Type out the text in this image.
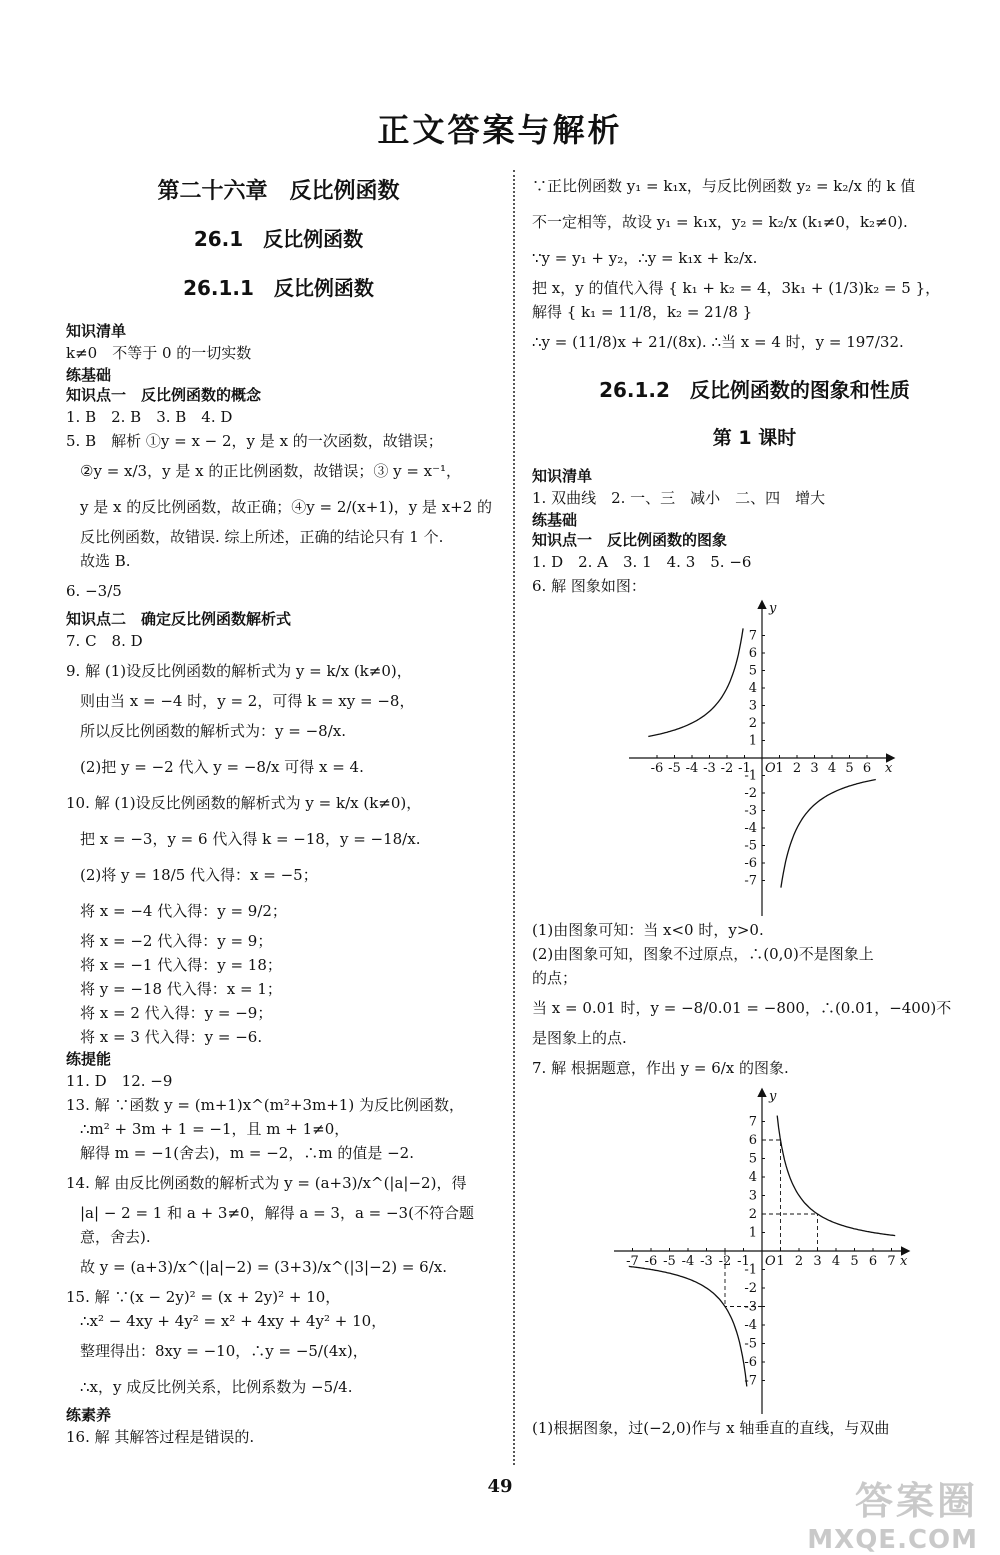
正文答案与解析
第二十六章　反比例函数
26.1　反比例函数
26.1.1　反比例函数
知识清单
k≠0　不等于 0 的一切实数
练基础
知识点一　反比例函数的概念
1. B　2. B　3. B　4. D
5. B　解析 ①y = x − 2，y 是 x 的一次函数，故错误；
②y = x/3，y 是 x 的正比例函数，故错误；③ y = x⁻¹，
y 是 x 的反比例函数，故正确；④y = 2/(x+1)，y 是 x+2 的
反比例函数，故错误. 综上所述，正确的结论只有 1 个.
故选 B.
6. −3/5
知识点二　确定反比例函数解析式
7. C　8. D
9. 解 (1)设反比例函数的解析式为 y = k/x (k≠0)，
则由当 x = −4 时，y = 2，可得 k = xy = −8，
所以反比例函数的解析式为：y = −8/x.
(2)把 y = −2 代入 y = −8/x 可得 x = 4.
10. 解 (1)设反比例函数的解析式为 y = k/x (k≠0)，
把 x = −3，y = 6 代入得 k = −18，y = −18/x.
(2)将 y = 18/5 代入得：x = −5；
将 x = −4 代入得：y = 9/2；
将 x = −2 代入得：y = 9；
将 x = −1 代入得：y = 18；
将 y = −18 代入得：x = 1；
将 x = 2 代入得：y = −9；
将 x = 3 代入得：y = −6.
练提能
11. D　12. −9
13. 解 ∵函数 y = (m+1)x^(m²+3m+1) 为反比例函数，
∴m² + 3m + 1 = −1，且 m + 1≠0，
解得 m = −1(舍去)，m = −2，∴m 的值是 −2.
14. 解 由反比例函数的解析式为 y = (a+3)/x^(|a|−2)，得
|a| − 2 = 1 和 a + 3≠0，解得 a = 3，a = −3(不符合题
意，舍去).
故 y = (a+3)/x^(|a|−2) = (3+3)/x^(|3|−2) = 6/x.
15. 解 ∵(x − 2y)² = (x + 2y)² + 10，
∴x² − 4xy + 4y² = x² + 4xy + 4y² + 10，
整理得出：8xy = −10，∴y = −5/(4x)，
∴x，y 成反比例关系，比例系数为 −5/4.
练素养
16. 解 其解答过程是错误的.
∵正比例函数 y₁ = k₁x，与反比例函数 y₂ = k₂/x 的 k 值
不一定相等，故设 y₁ = k₁x，y₂ = k₂/x (k₁≠0，k₂≠0).
∵y = y₁ + y₂，∴y = k₁x + k₂/x.
把 x，y 的值代入得 { k₁ + k₂ = 4，3k₁ + (1/3)k₂ = 5 }，
解得 { k₁ = 11/8，k₂ = 21/8 }
∴y = (11/8)x + 21/(8x). ∴当 x = 4 时，y = 197/32.
26.1.2　反比例函数的图象和性质
第 1 课时
知识清单
1. 双曲线　2. 一、三　减小　二、四　增大
练基础
知识点一　反比例函数的图象
1. D　2. A　3. 1　4. 3　5. −6
6. 解 图象如图：
-6 -5 -4 -3 -2 -1 1 2 3 4 5 6
7
6
5
4
3
2
1
-1
-2
-3
-4
-5
-6
-7
O	x
y
(1)由图象可知：当 x<0 时，y>0.
(2)由图象可知，图象不过原点，∴(0,0)不是图象上
的点；
当 x = 0.01 时，y = −8/0.01 = −800，∴(0.01，−400)不
是图象上的点.
7. 解 根据题意，作出 y = 6/x 的图象.
-7 -6 -5 -4 -3 -2 -1 1 2 3 4 5 6 7
7
6
5
4
3
2
1
-1
-2
-3
-4
-5
-6
-7
O	x
y
(1)根据图象，过(−2,0)作与 x 轴垂直的直线，与双曲
49	答案圈
MXQE.COM
